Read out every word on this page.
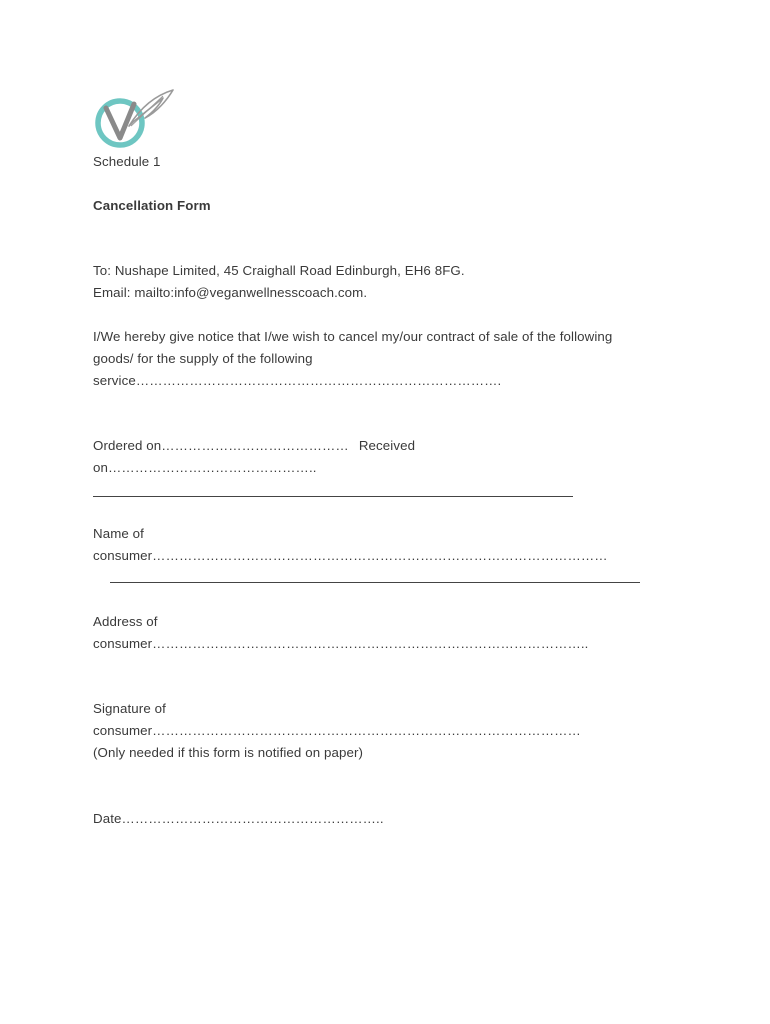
Schedule 1
Cancellation Form
To: Nushape Limited, 45 Craighall Road Edinburgh, EH6 8FG.
Email: mailto:info@veganwellnesscoach.com.
I/We hereby give notice that I/we wish to cancel my/our contract of sale of the following
goods/ for the supply of the following
service……………………………………………………………………….
Ordered on…………………………………… Received
on………………………………………..
Name of
consumer…………………………………………………………………………………………
Address of
consumer……………………………………………………………………………………..
Signature of
consumer……………………………………………………………………………………
(Only needed if this form is notified on paper)
Date…………………………………………………..
